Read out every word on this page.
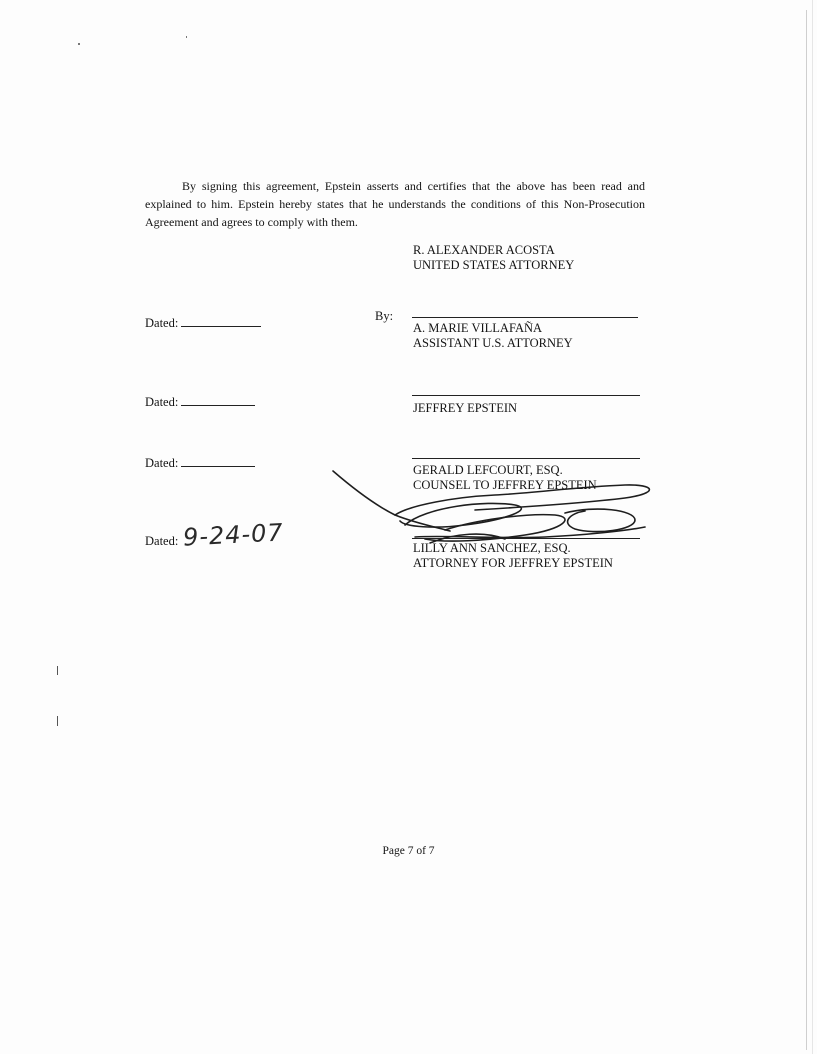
By signing this agreement, Epstein asserts and certifies that the above has been read and explained to him. Epstein hereby states that he understands the conditions of this Non-Prosecution Agreement and agrees to comply with them.

R. ALEXANDER ACOSTA
UNITED STATES ATTORNEY
Dated:	By:
A. MARIE VILLAFAÑA
ASSISTANT U.S. ATTORNEY
Dated:	JEFFREY EPSTEIN
Dated:	GERALD LEFCOURT, ESQ.
COUNSEL TO JEFFREY EPSTEIN
Dated: 9-24-07	LILLY ANN SANCHEZ, ESQ.
ATTORNEY FOR JEFFREY EPSTEIN
Page 7 of 7
